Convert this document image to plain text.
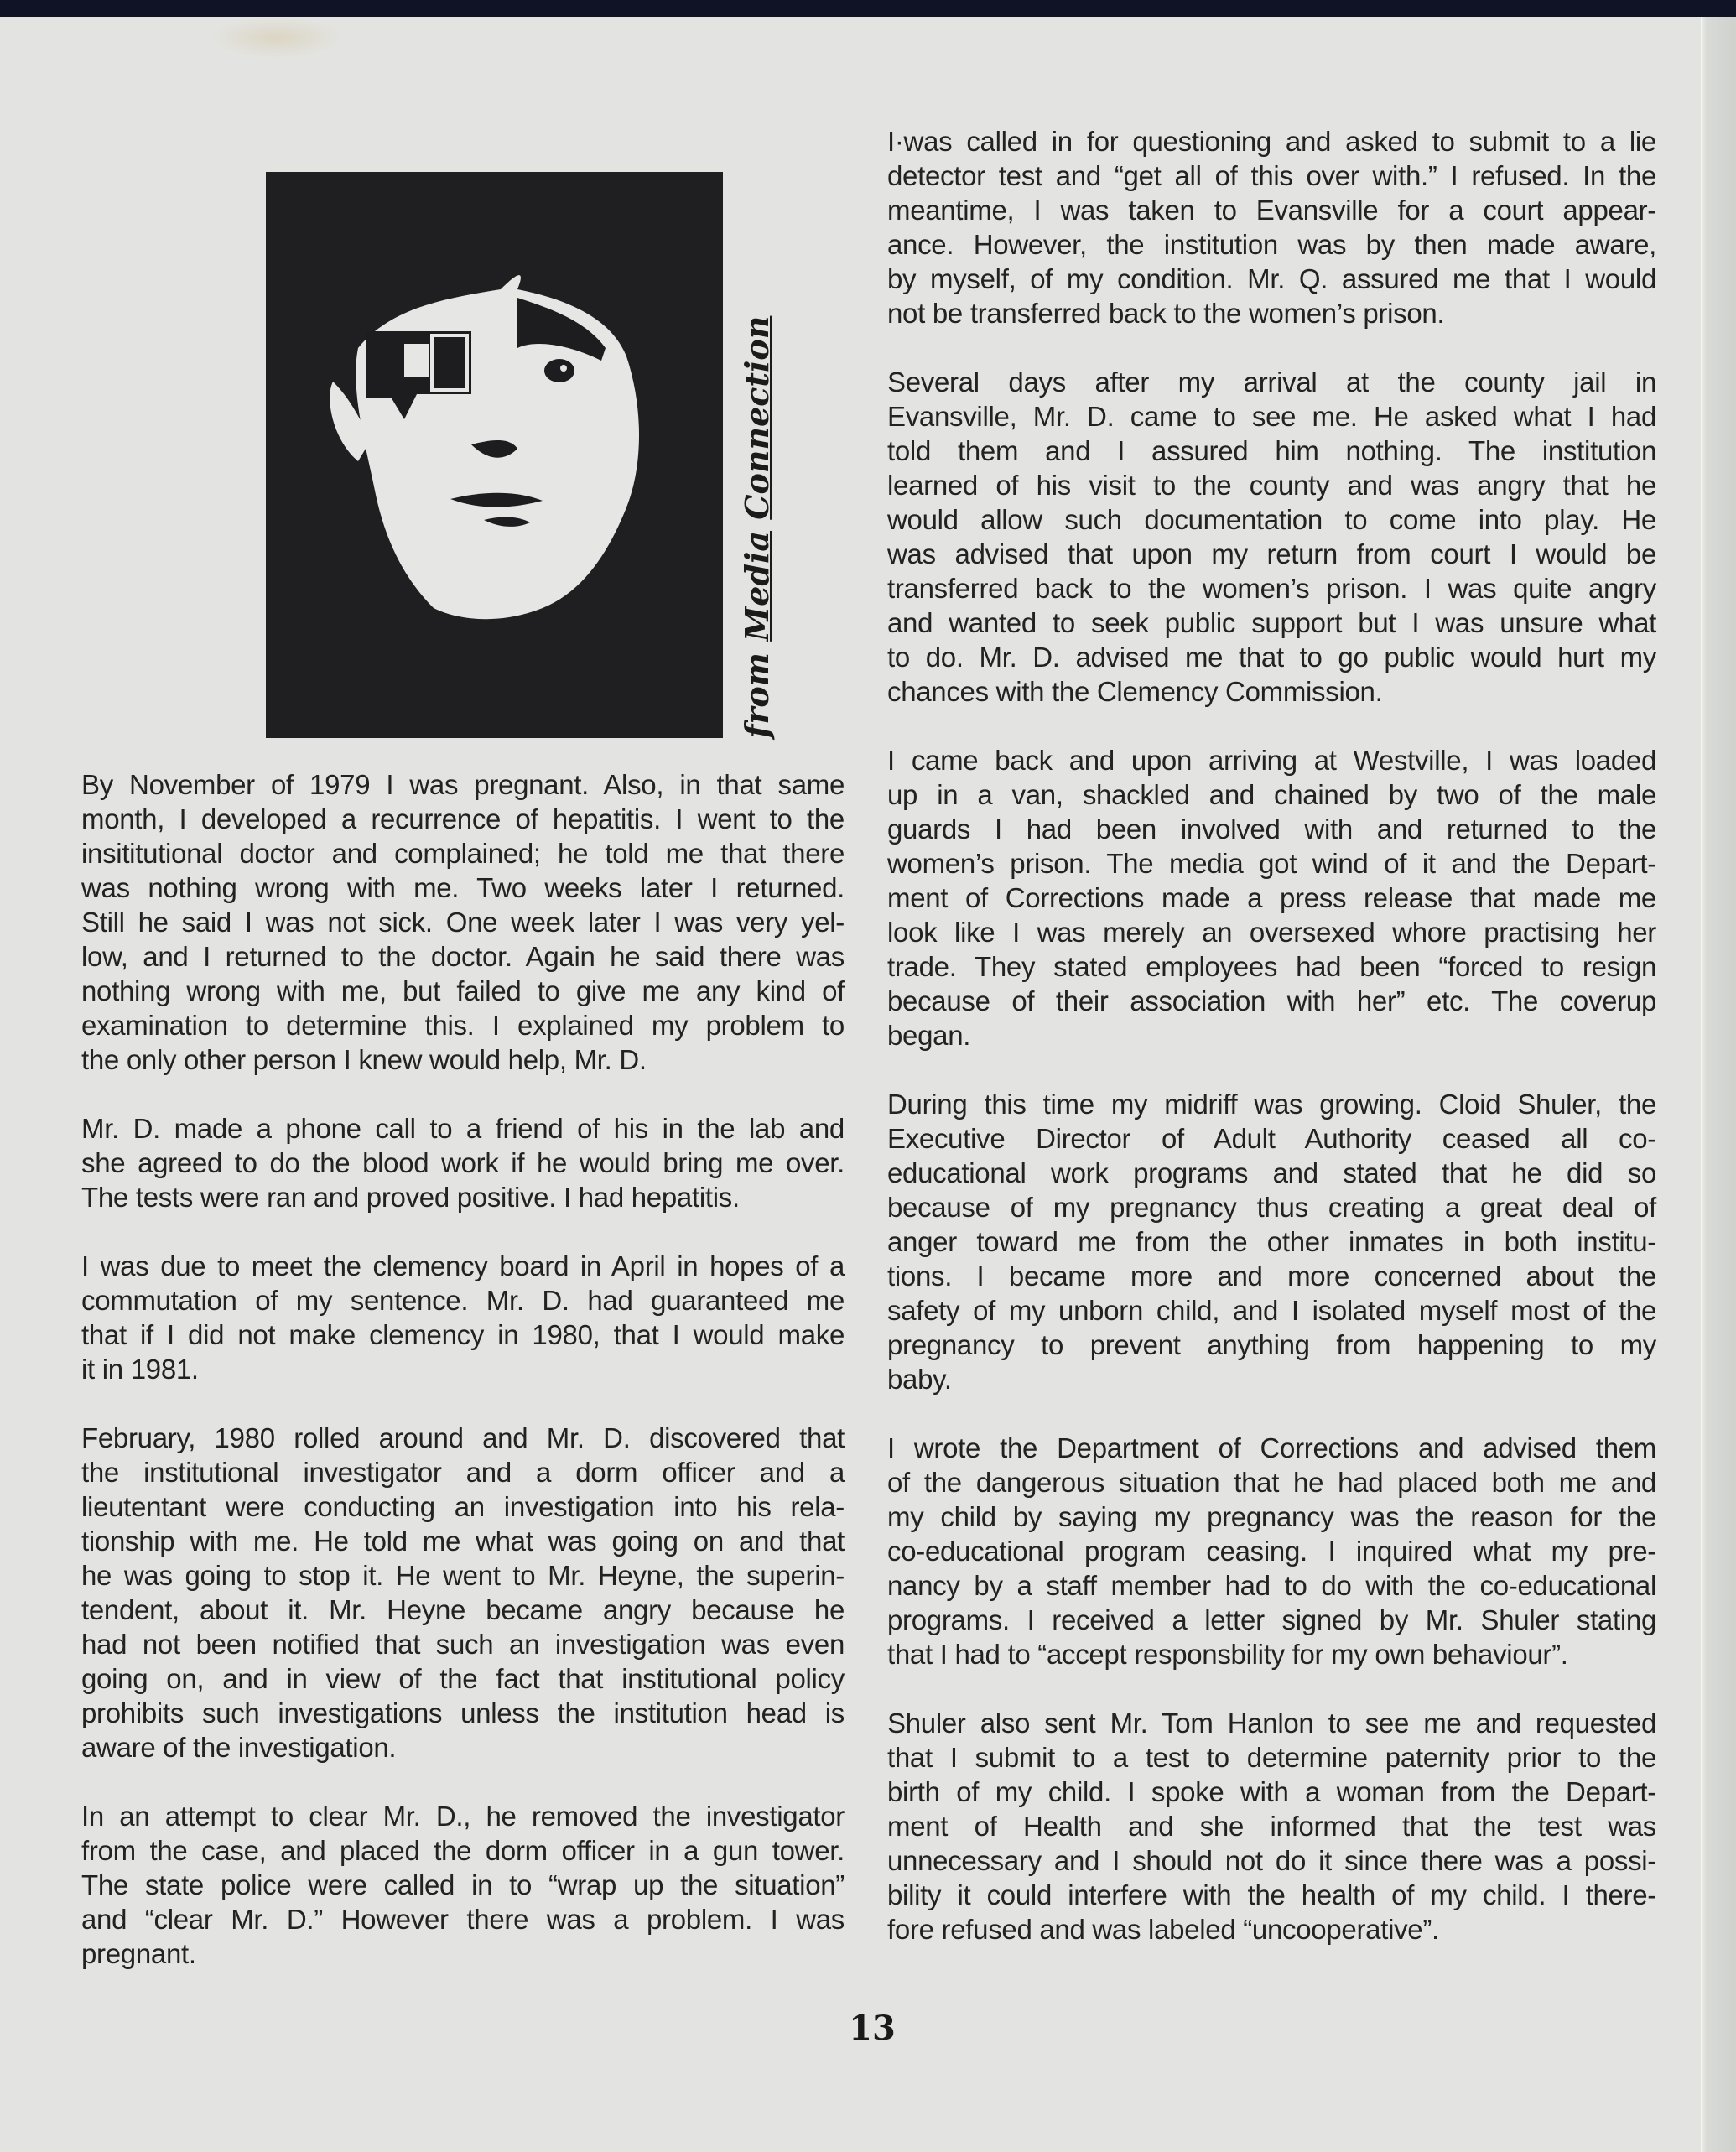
from Media Connection

By November of 1979 I was pregnant. Also, in that same
month, I developed a recurrence of hepatitis. I went to the
insititutional doctor and complained; he told me that there
was nothing wrong with me. Two weeks later I returned.
Still he said I was not sick. One week later I was very yel-
low, and I returned to the doctor. Again he said there was
nothing wrong with me, but failed to give me any kind of
examination to determine this. I explained my problem to
the only other person I knew would help, Mr. D.

Mr. D. made a phone call to a friend of his in the lab and
she agreed to do the blood work if he would bring me over.
The tests were ran and proved positive. I had hepatitis.

I was due to meet the clemency board in April in hopes of a
commutation of my sentence. Mr. D. had guaranteed me
that if I did not make clemency in 1980, that I would make
it in 1981.

February, 1980 rolled around and Mr. D. discovered that
the institutional investigator and a dorm officer and a
lieutentant were conducting an investigation into his rela-
tionship with me. He told me what was going on and that
he was going to stop it. He went to Mr. Heyne, the superin-
tendent, about it. Mr. Heyne became angry because he
had not been notified that such an investigation was even
going on, and in view of the fact that institutional policy
prohibits such investigations unless the institution head is
aware of the investigation.

In an attempt to clear Mr. D., he removed the investigator
from the case, and placed the dorm officer in a gun tower.
The state police were called in to “wrap up the situation”
and “clear Mr. D.” However there was a problem. I was
pregnant.

I·was called in for questioning and asked to submit to a lie
detector test and “get all of this over with.” I refused. In the
meantime, I was taken to Evansville for a court appear-
ance. However, the institution was by then made aware,
by myself, of my condition. Mr. Q. assured me that I would
not be transferred back to the women’s prison.

Several days after my arrival at the county jail in
Evansville, Mr. D. came to see me. He asked what I had
told them and I assured him nothing. The institution
learned of his visit to the county and was angry that he
would allow such documentation to come into play. He
was advised that upon my return from court I would be
transferred back to the women’s prison. I was quite angry
and wanted to seek public support but I was unsure what
to do. Mr. D. advised me that to go public would hurt my
chances with the Clemency Commission.

I came back and upon arriving at Westville, I was loaded
up in a van, shackled and chained by two of the male
guards I had been involved with and returned to the
women’s prison. The media got wind of it and the Depart-
ment of Corrections made a press release that made me
look like I was merely an oversexed whore practising her
trade. They stated employees had been “forced to resign
because of their association with her” etc. The coverup
began.

During this time my midriff was growing. Cloid Shuler, the
Executive Director of Adult Authority ceased all co-
educational work programs and stated that he did so
because of my pregnancy thus creating a great deal of
anger toward me from the other inmates in both institu-
tions. I became more and more concerned about the
safety of my unborn child, and I isolated myself most of the
pregnancy to prevent anything from happening to my
baby.

I wrote the Department of Corrections and advised them
of the dangerous situation that he had placed both me and
my child by saying my pregnancy was the reason for the
co-educational program ceasing. I inquired what my pre-
nancy by a staff member had to do with the co-educational
programs. I received a letter signed by Mr. Shuler stating
that I had to “accept responsbility for my own behaviour”.

Shuler also sent Mr. Tom Hanlon to see me and requested
that I submit to a test to determine paternity prior to the
birth of my child. I spoke with a woman from the Depart-
ment of Health and she informed that the test was
unnecessary and I should not do it since there was a possi-
bility it could interfere with the health of my child. I there-
fore refused and was labeled “uncooperative”.

13
